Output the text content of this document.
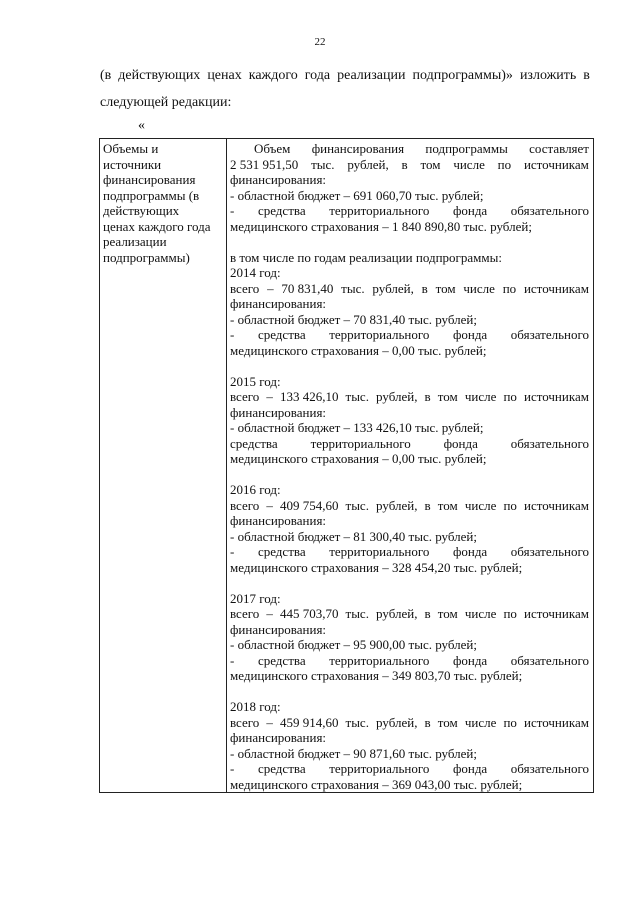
22
(в действующих ценах каждого года реализации подпрограммы)» изложить в
следующей редакции:
«
Объемы и
источники
финансирования
подпрограммы (в
действующих
ценах каждого года
реализации
подпрограммы)

Объем финансирования подпрограммы составляет
2 531 951,50 тыс. рублей, в том числе по источникам
финансирования:
- областной бюджет – 691 060,70 тыс. рублей;
- средства территориального фонда обязательного
медицинского страхования – 1 840 890,80 тыс. рублей;
в том числе по годам реализации подпрограммы:
2014 год:
всего – 70 831,40 тыс. рублей, в том числе по источникам
финансирования:
- областной бюджет – 70 831,40 тыс. рублей;
- средства территориального фонда обязательного
медицинского страхования – 0,00 тыс. рублей;
2015 год:
всего – 133 426,10 тыс. рублей, в том числе по источникам
финансирования:
- областной бюджет – 133 426,10 тыс. рублей;
средства	территориального	фонда	обязательного
медицинского страхования – 0,00 тыс. рублей;
2016 год:
всего – 409 754,60 тыс. рублей, в том числе по источникам
финансирования:
- областной бюджет – 81 300,40 тыс. рублей;
- средства территориального фонда обязательного
медицинского страхования – 328 454,20 тыс. рублей;
2017 год:
всего – 445 703,70 тыс. рублей, в том числе по источникам
финансирования:
- областной бюджет – 95 900,00 тыс. рублей;
- средства территориального фонда обязательного
медицинского страхования – 349 803,70 тыс. рублей;
2018 год:
всего – 459 914,60 тыс. рублей, в том числе по источникам
финансирования:
- областной бюджет – 90 871,60 тыс. рублей;
- средства территориального фонда обязательного
медицинского страхования – 369 043,00 тыс. рублей;
